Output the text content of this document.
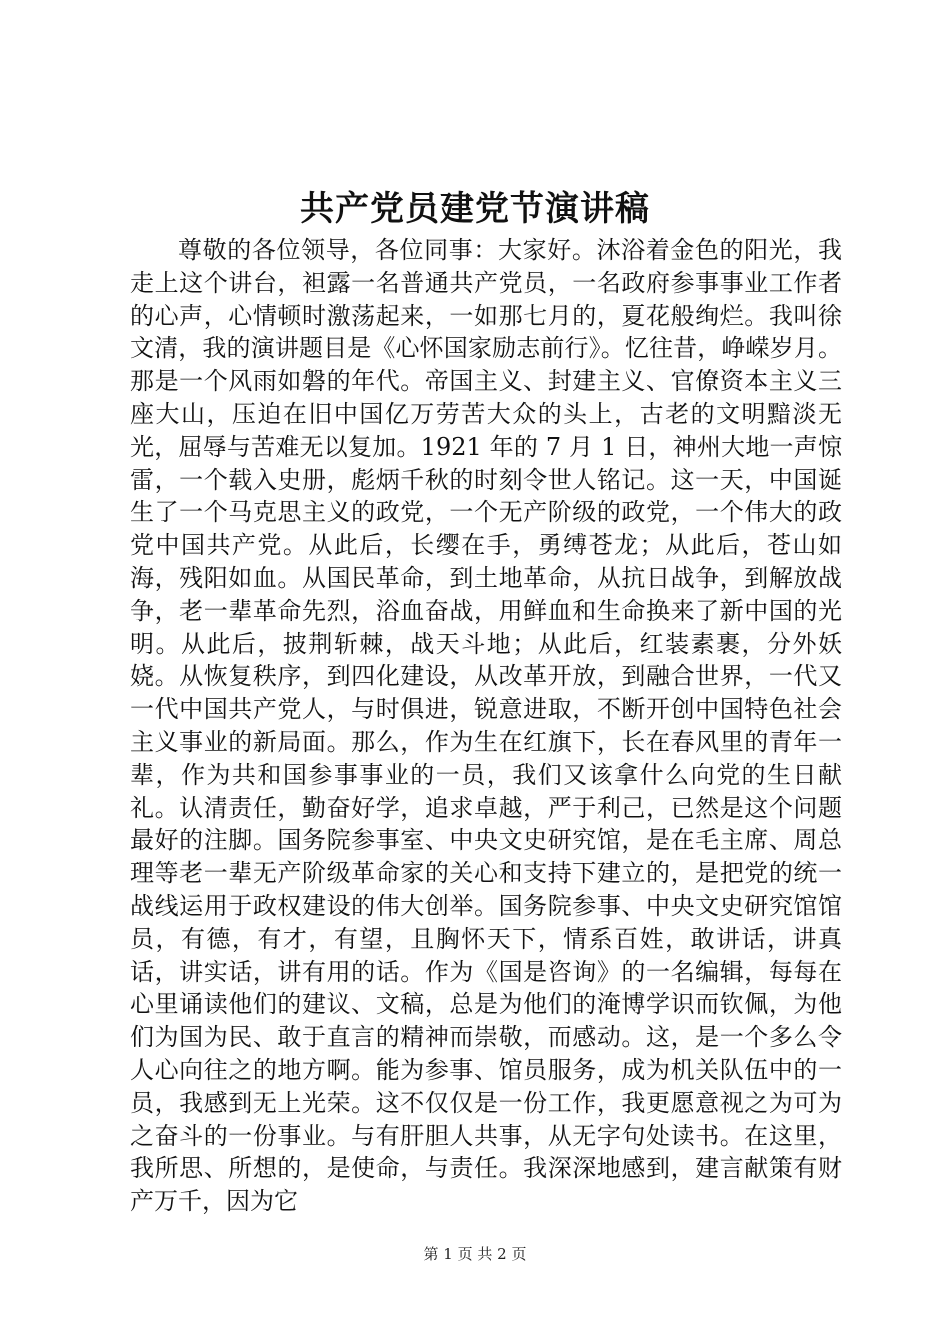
共产党员建党节演讲稿

尊敬的各位领导，各位同事：大家好。沐浴着金色的阳光，我走上这个讲台，袒露一名普通共产党员，一名政府参事事业工作者的心声，心情顿时激荡起来，一如那七月的，夏花般绚烂。我叫徐文清，我的演讲题目是《心怀国家励志前行》。忆往昔，峥嵘岁月。那是一个风雨如磐的年代。帝国主义、封建主义、官僚资本主义三座大山，压迫在旧中国亿万劳苦大众的头上，古老的文明黯淡无光，屈辱与苦难无以复加。1921 年的 7 月 1 日，神州大地一声惊雷，一个载入史册，彪炳千秋的时刻令世人铭记。这一天，中国诞生了一个马克思主义的政党，一个无产阶级的政党，一个伟大的政党中国共产党。从此后，长缨在手，勇缚苍龙；从此后，苍山如海，残阳如血。从国民革命，到土地革命，从抗日战争，到解放战争，老一辈革命先烈，浴血奋战，用鲜血和生命换来了新中国的光明。从此后，披荆斩棘，战天斗地；从此后，红装素裹，分外妖娆。从恢复秩序，到四化建设，从改革开放，到融合世界，一代又一代中国共产党人，与时俱进，锐意进取，不断开创中国特色社会主义事业的新局面。那么，作为生在红旗下，长在春风里的青年一辈，作为共和国参事事业的一员，我们又该拿什么向党的生日献礼。认清责任，勤奋好学，追求卓越，严于利己，已然是这个问题最好的注脚。国务院参事室、中央文史研究馆，是在毛主席、周总理等老一辈无产阶级革命家的关心和支持下建立的，是把党的统一战线运用于政权建设的伟大创举。国务院参事、中央文史研究馆馆员，有德，有才，有望，且胸怀天下，情系百姓，敢讲话，讲真话，讲实话，讲有用的话。作为《国是咨询》的一名编辑，每每在心里诵读他们的建议、文稿，总是为他们的淹博学识而钦佩，为他们为国为民、敢于直言的精神而崇敬，而感动。这，是一个多么令人心向往之的地方啊。能为参事、馆员服务，成为机关队伍中的一员，我感到无上光荣。这不仅仅是一份工作，我更愿意视之为可为之奋斗的一份事业。与有肝胆人共事，从无字句处读书。在这里，我所思、所想的，是使命，与责任。我深深地感到，建言献策有财产万千，因为它

第 1 页 共 2 页
